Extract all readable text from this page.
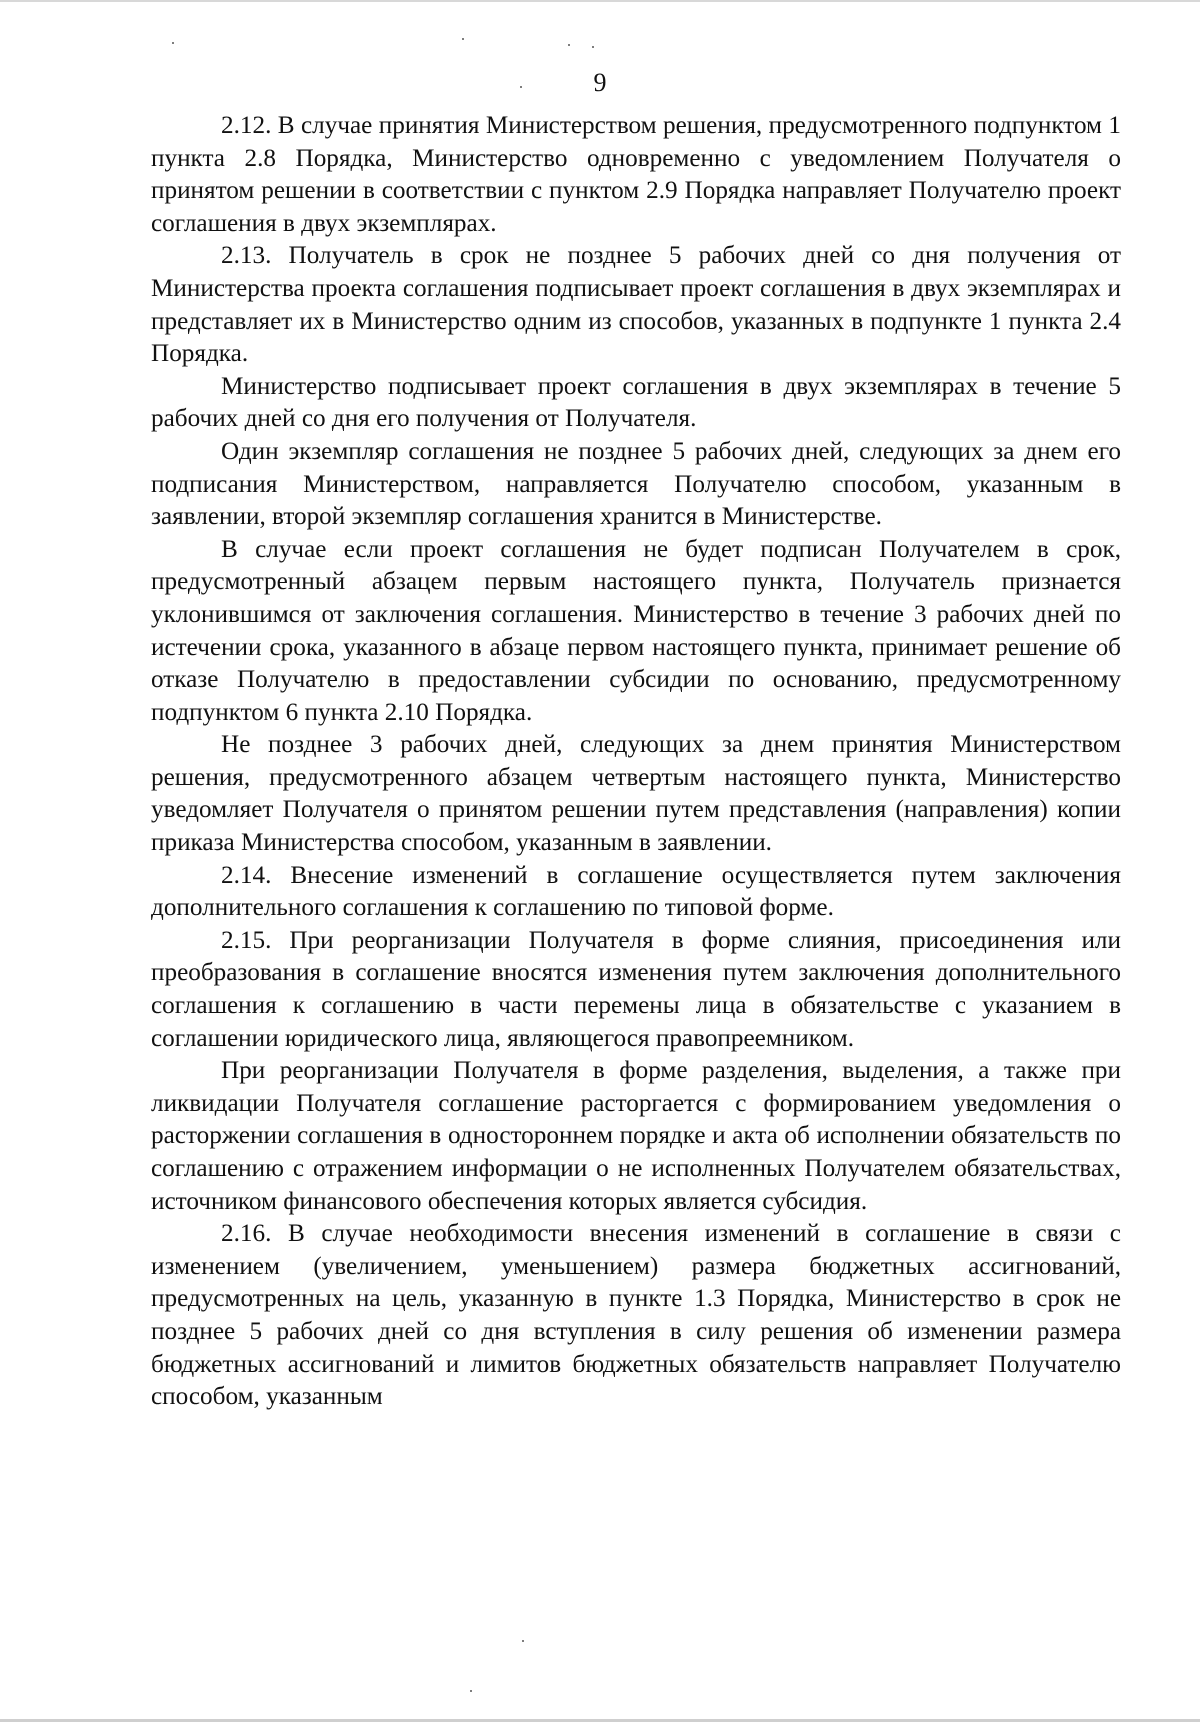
9

2.12. В случае принятия Министерством решения, предусмотренного подпунктом 1 пункта 2.8 Порядка, Министерство одновременно с уведомлением Получателя о принятом решении в соответствии с пунктом 2.9 Порядка направляет Получателю проект соглашения в двух экземплярах.

2.13. Получатель в срок не позднее 5 рабочих дней со дня получения от Министерства проекта соглашения подписывает проект соглашения в двух экземплярах и представляет их в Министерство одним из способов, указанных в подпункте 1 пункта 2.4 Порядка.

Министерство подписывает проект соглашения в двух экземплярах в течение 5 рабочих дней со дня его получения от Получателя.

Один экземпляр соглашения не позднее 5 рабочих дней, следующих за днем его подписания Министерством, направляется Получателю способом, указанным в заявлении, второй экземпляр соглашения хранится в Министерстве.

В случае если проект соглашения не будет подписан Получателем в срок, предусмотренный абзацем первым настоящего пункта, Получатель признается уклонившимся от заключения соглашения. Министерство в течение 3 рабочих дней по истечении срока, указанного в абзаце первом настоящего пункта, принимает решение об отказе Получателю в предоставлении субсидии по основанию, предусмотренному подпунктом 6 пункта 2.10 Порядка.

Не позднее 3 рабочих дней, следующих за днем принятия Министерством решения, предусмотренного абзацем четвертым настоящего пункта, Министерство уведомляет Получателя о принятом решении путем представления (направления) копии приказа Министерства способом, указанным в заявлении.

2.14. Внесение изменений в соглашение осуществляется путем заключения дополнительного соглашения к соглашению по типовой форме.

2.15. При реорганизации Получателя в форме слияния, присоединения или преобразования в соглашение вносятся изменения путем заключения дополнительного соглашения к соглашению в части перемены лица в обязательстве с указанием в соглашении юридического лица, являющегося правопреемником.

При реорганизации Получателя в форме разделения, выделения, а также при ликвидации Получателя соглашение расторгается с формированием уведомления о расторжении соглашения в одностороннем порядке и акта об исполнении обязательств по соглашению с отражением информации о не исполненных Получателем обязательствах, источником финансового обеспечения которых является субсидия.

2.16. В случае необходимости внесения изменений в соглашение в связи с изменением (увеличением, уменьшением) размера бюджетных ассигнований, предусмотренных на цель, указанную в пункте 1.3 Порядка, Министерство в срок не позднее 5 рабочих дней со дня вступления в силу решения об изменении размера бюджетных ассигнований и лимитов бюджетных обязательств направляет Получателю способом, указанным
